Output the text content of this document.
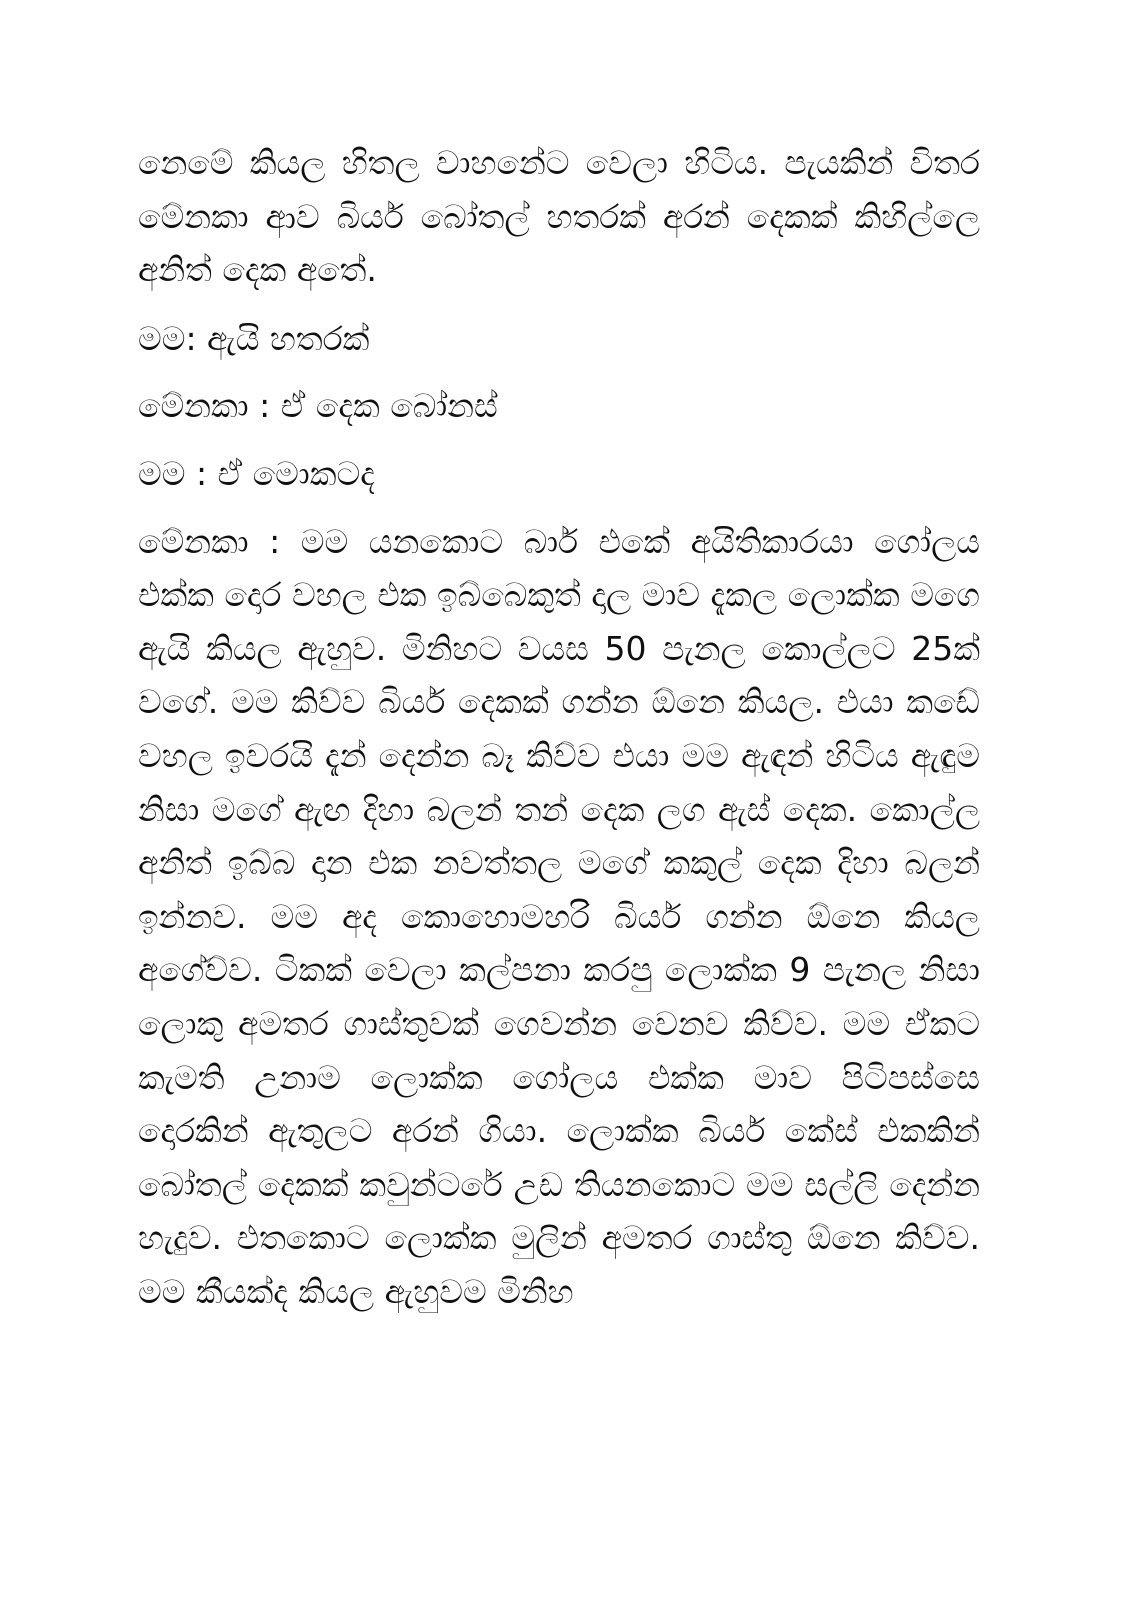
නෙමේ කියල හිතල වාහනේට වෙලා හිටිය. පැයකින් විතර මේනකා ආව බියර් බෝතල් හතරක් අරන් දෙකක් කිහිල්ලෙ අනිත් දෙක අතේ.

මම: ඇයි හතරක්

මේනකා : ඒ දෙක බෝනස්

මම : ඒ මොකටද

මේනකා : මම යනකොට බාර් එකේ අයිතිකාරයා ගෝලය එක්ක දොර වහල එක ඉබ්බෙකුත් දාල මාව දැකල ලොක්ක මගෙ ඇයි කියල ඇහුව. මිනිහට වයස 50 පැනල කොල්ලට 25ක් වගේ. මම කිව්ව බියර් දෙකක් ගන්න ඕනෙ කියල. එයා කඩේ වහල ඉවරයි දැන් දෙන්න බෑ කිව්ව එයා මම ඇඳන් හිටිය ඇඳුම නිසා මගේ ඇඟ දිහා බලන් තන් දෙක ලග ඇස් දෙක. කොල්ල අනිත් ඉබ්බ දාන එක නවත්තල මගේ කකුල් දෙක දිහා බලන් ඉන්නව. මම අද කොහොමහරි බියර් ගන්න ඕනෙ කියල අගේව්ව. ටිකක් වෙලා කල්පනා කරපු ලොක්ක 9 පැනල නිසා ලොකු අමතර ගාස්තුවක් ගෙවන්න වෙනව කිව්ව. මම ඒකට කැමති උනාම ලොක්ක ගෝලය එක්ක මාව පිටිපස්සෙ දොරකින් ඇතුලට අරන් ගියා. ලොක්ක බියර් කේස් එකකින් බෝතල් දෙකක් කවුන්ටරේ උඩ තියනකොට මම සල්ලි දෙන්න හැදුව. එතකොට ලොක්ක මුලින් අමතර ගාස්තු ඕනෙ කිව්ව. මම කීයක්ද කියල ඇහුවම මිනිහ
